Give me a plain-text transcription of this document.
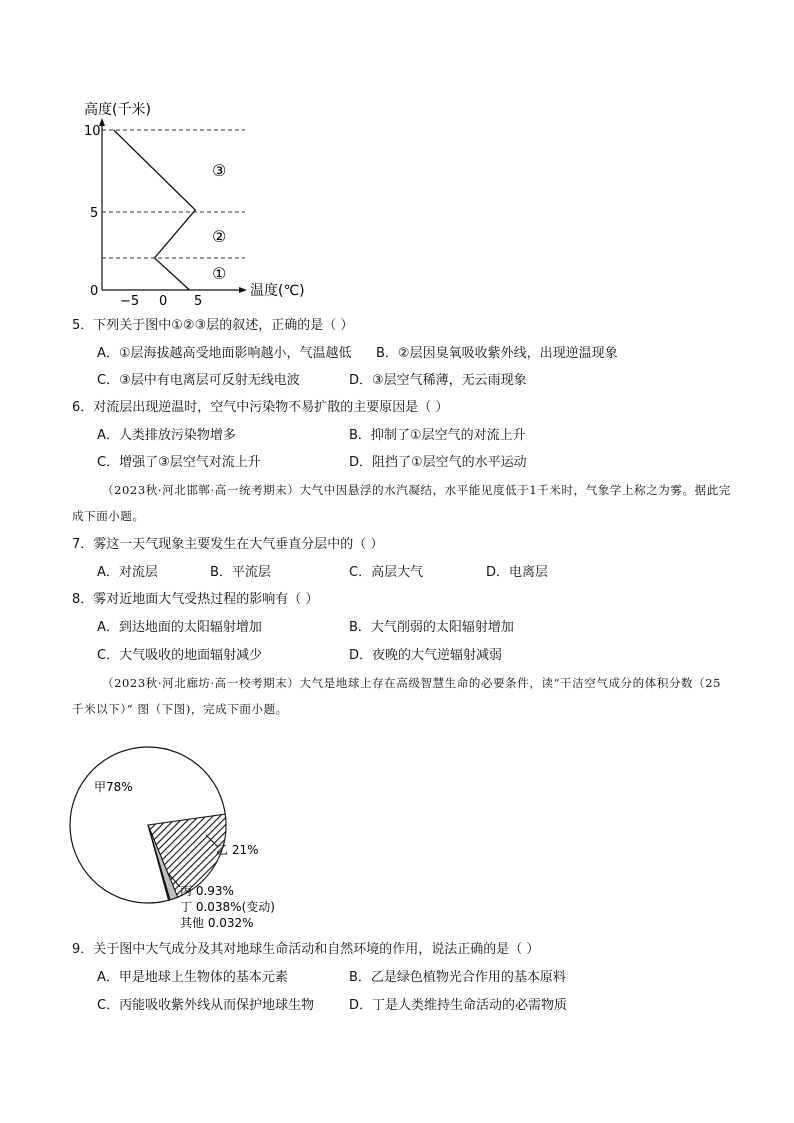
高度(千米)
温度(℃)
10
5
0
−5 0 5
③
②
①
5．下列关于图中①②③层的叙述，正确的是（ ）
A．①层海拔越高受地面影响越小，气温越低 B．②层因臭氧吸收紫外线，出现逆温现象
C．③层中有电离层可反射无线电波	D．③层空气稀薄，无云雨现象
6．对流层出现逆温时，空气中污染物不易扩散的主要原因是（ ）
A．人类排放污染物增多	B．抑制了①层空气的对流上升
C．增强了③层空气对流上升	D．阻挡了①层空气的水平运动
（2023秋·河北邯郸·高一统考期末）大气中因悬浮的水汽凝结，水平能见度低于1千米时，气象学上称之为雾。据此完成下面小题。
7．雾这一天气现象主要发生在大气垂直分层中的（ ）
A．对流层	B．平流层	C．高层大气	D．电离层
8．雾对近地面大气受热过程的影响有（ ）
A．到达地面的太阳辐射增加	B．大气削弱的太阳辐射增加
C．大气吸收的地面辐射减少	D．夜晚的大气逆辐射减弱
（2023秋·河北廊坊·高一校考期末）大气是地球上存在高级智慧生命的必要条件，读“干洁空气成分的体积分数（25千米以下）” 图（下图)，完成下面小题。
甲78%
乙 21%
丙 0.93%
丁 0.038%(变动)
其他 0.032%
9．关于图中大气成分及其对地球生命活动和自然环境的作用，说法正确的是（ ）
A．甲是地球上生物体的基本元素	B．乙是绿色植物光合作用的基本原料
C．丙能吸收紫外线从而保护地球生物	D．丁是人类维持生命活动的必需物质
